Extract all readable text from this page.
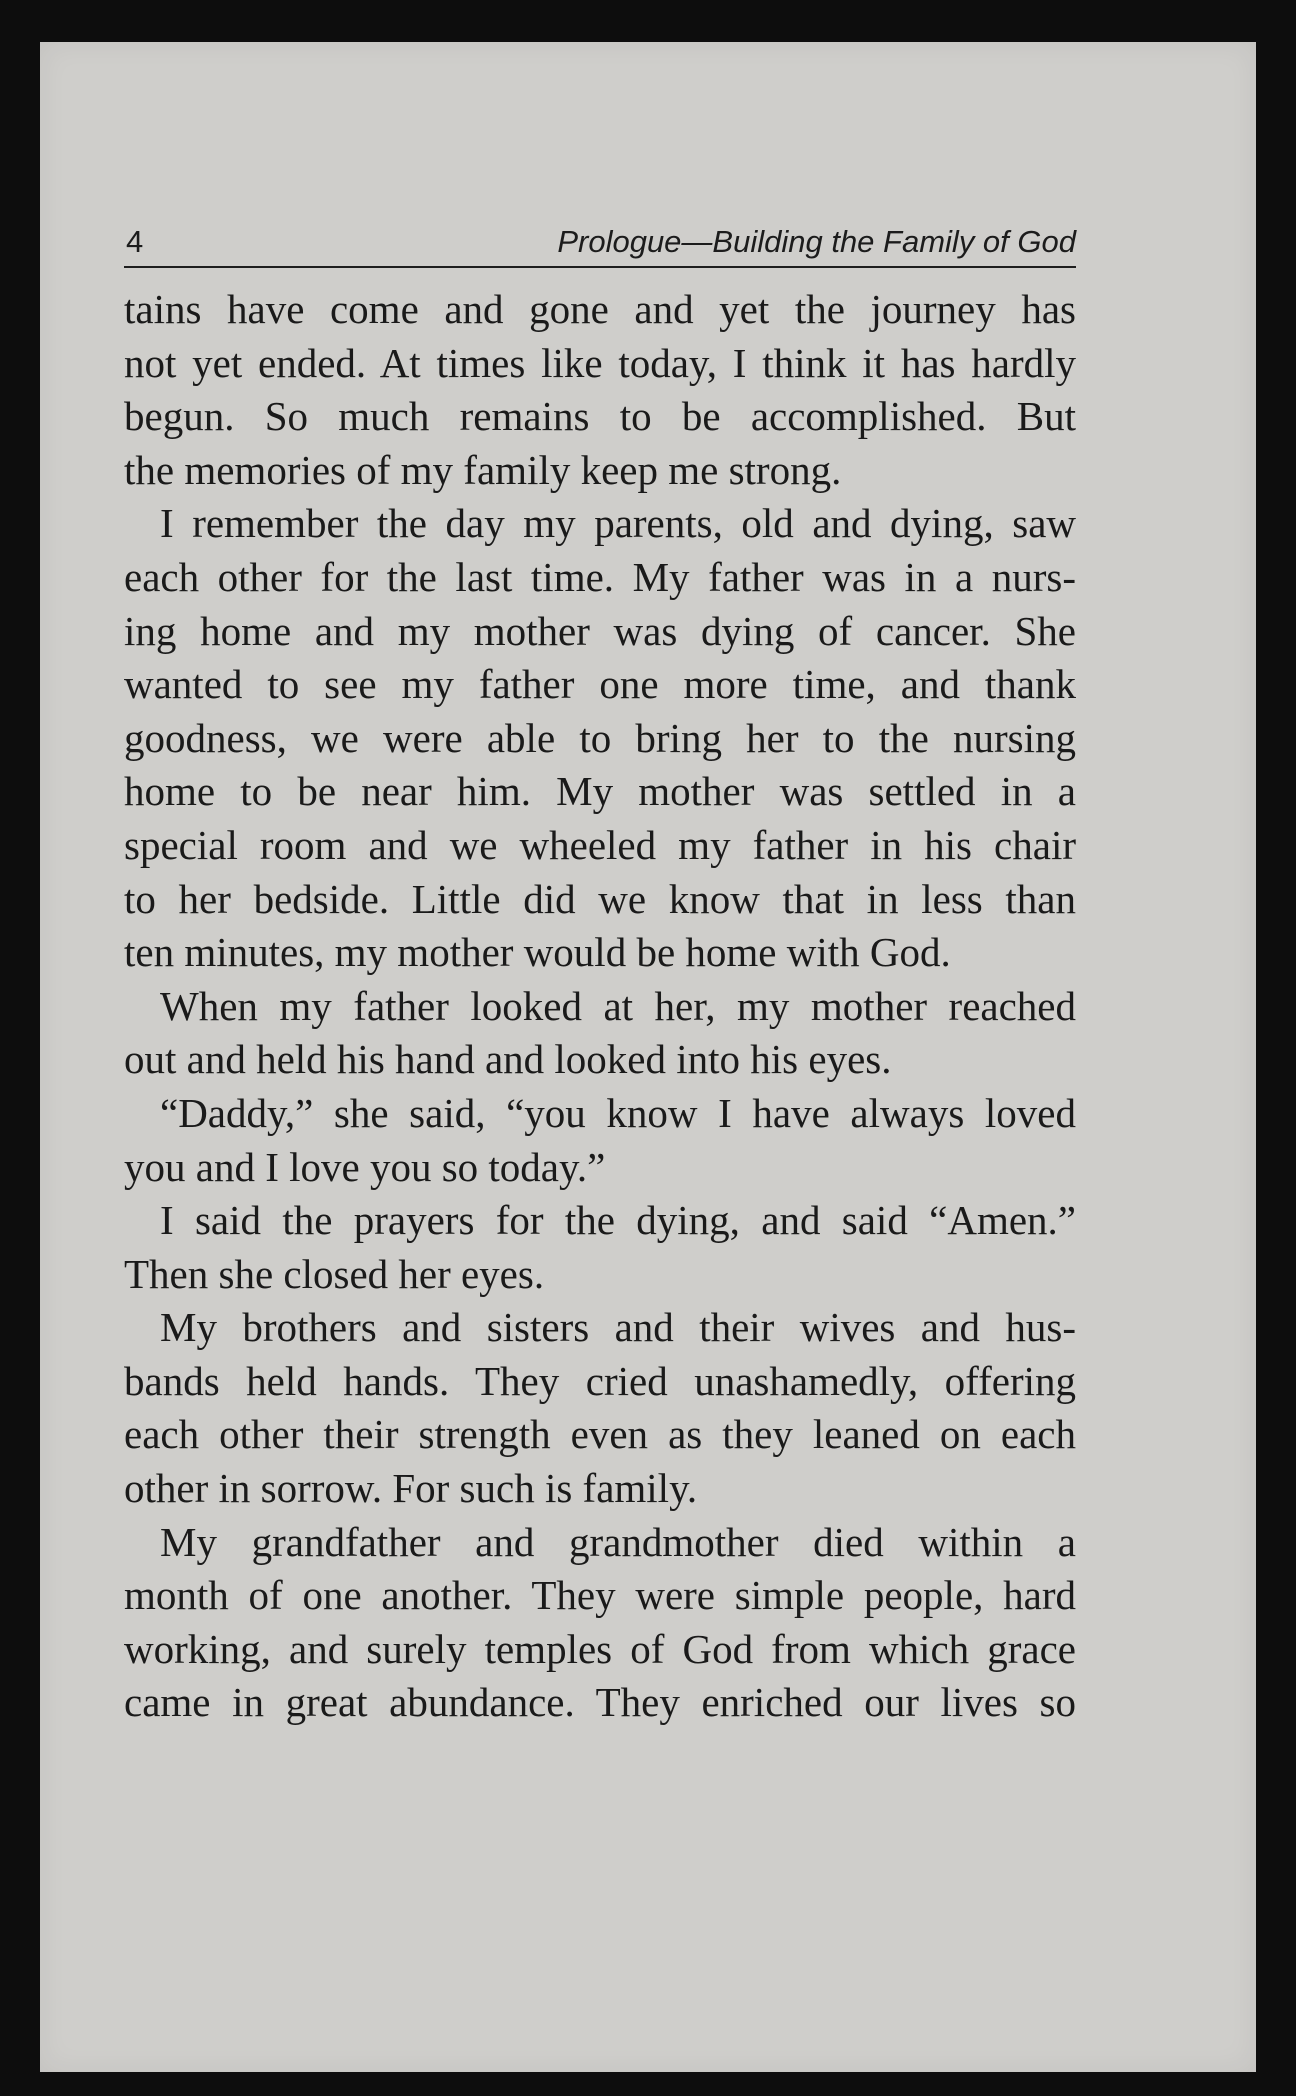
4	Prologue—Building the Family of God
tains have come and gone and yet the journey has
not yet ended. At times like today, I think it has hardly
begun. So much remains to be accomplished. But
the memories of my family keep me strong.
I remember the day my parents, old and dying, saw
each other for the last time. My father was in a nurs-
ing home and my mother was dying of cancer. She
wanted to see my father one more time, and thank
goodness, we were able to bring her to the nursing
home to be near him. My mother was settled in a
special room and we wheeled my father in his chair
to her bedside. Little did we know that in less than
ten minutes, my mother would be home with God.
When my father looked at her, my mother reached
out and held his hand and looked into his eyes.
“Daddy,” she said, “you know I have always loved
you and I love you so today.”
I said the prayers for the dying, and said “Amen.”
Then she closed her eyes.
My brothers and sisters and their wives and hus-
bands held hands. They cried unashamedly, offering
each other their strength even as they leaned on each
other in sorrow. For such is family.
My grandfather and grandmother died within a
month of one another. They were simple people, hard
working, and surely temples of God from which grace
came in great abundance. They enriched our lives so
